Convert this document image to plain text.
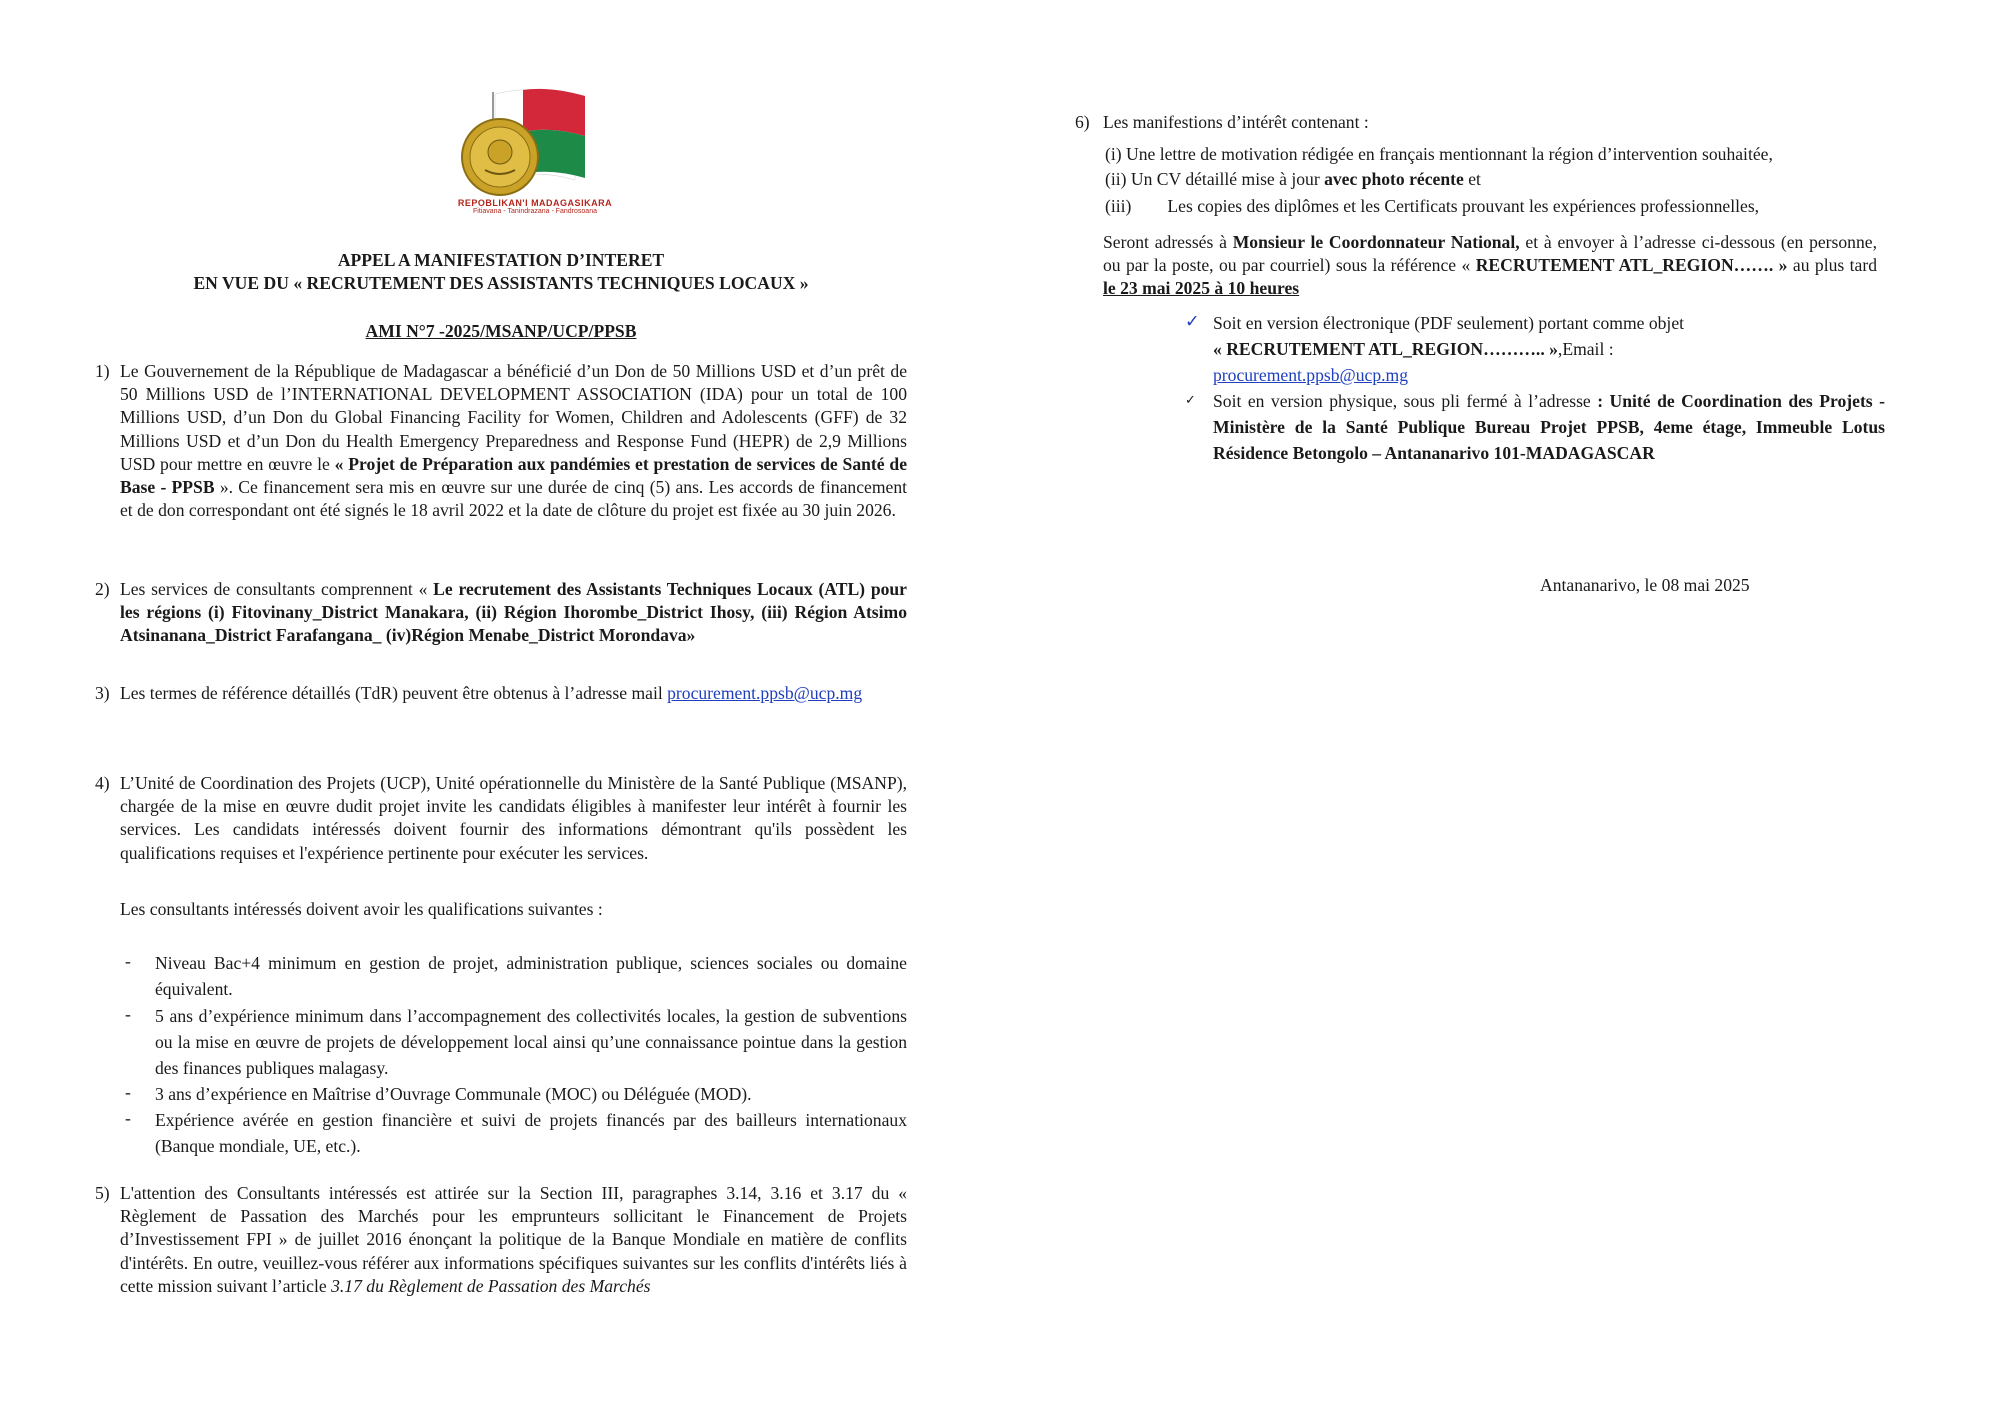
REPOBLIKAN'I MADAGASIKARA
Fitiavana - Tanindrazana - Fandrosoana
APPEL A MANIFESTATION D’INTERET
EN VUE DU « RECRUTEMENT DES ASSISTANTS TECHNIQUES LOCAUX »
AMI N°7 -2025/MSANP/UCP/PPSB
1) Le Gouvernement de la République de Madagascar a bénéficié d’un Don de 50 Millions USD et d’un prêt de 50 Millions USD de l’INTERNATIONAL DEVELOPMENT ASSOCIATION (IDA) pour un total de 100 Millions USD, d’un Don du Global Financing Facility for Women, Children and Adolescents (GFF) de 32 Millions USD et d’un Don du Health Emergency Preparedness and Response Fund (HEPR) de 2,9 Millions USD pour mettre en œuvre le « Projet de Préparation aux pandémies et prestation de services de Santé de Base - PPSB ». Ce financement sera mis en œuvre sur une durée de cinq (5) ans. Les accords de financement et de don correspondant ont été signés le 18 avril 2022 et la date de clôture du projet est fixée au 30 juin 2026.

2) Les services de consultants comprennent « Le recrutement des Assistants Techniques Locaux (ATL) pour les régions (i) Fitovinany_District Manakara, (ii) Région Ihorombe_District Ihosy, (iii) Région Atsimo Atsinanana_District Farafangana_ (iv)Région Menabe_District Morondava»

3) Les termes de référence détaillés (TdR) peuvent être obtenus à l’adresse mail procurement.ppsb@ucp.mg

4) L’Unité de Coordination des Projets (UCP), Unité opérationnelle du Ministère de la Santé Publique (MSANP), chargée de la mise en œuvre dudit projet invite les candidats éligibles à manifester leur intérêt à fournir les services. Les candidats intéressés doivent fournir des informations démontrant qu'ils possèdent les qualifications requises et l'expérience pertinente pour exécuter les services.

Les consultants intéressés doivent avoir les qualifications suivantes :
- Niveau Bac+4 minimum en gestion de projet, administration publique, sciences sociales ou domaine équivalent.

- 5 ans d’expérience minimum dans l’accompagnement des collectivités locales, la gestion de subventions ou la mise en œuvre de projets de développement local ainsi qu’une connaissance pointue dans la gestion des finances publiques malagasy.

- 3 ans d’expérience en Maîtrise d’Ouvrage Communale (MOC) ou Déléguée (MOD).

- Expérience avérée en gestion financière et suivi de projets financés par des bailleurs internationaux (Banque mondiale, UE, etc.).

5) L'attention des Consultants intéressés est attirée sur la Section III, paragraphes 3.14, 3.16 et 3.17 du « Règlement de Passation des Marchés pour les emprunteurs sollicitant le Financement de Projets d’Investissement FPI » de juillet 2016 énonçant la politique de la Banque Mondiale en matière de conflits d'intérêts. En outre, veuillez-vous référer aux informations spécifiques suivantes sur les conflits d'intérêts liés à cette mission suivant l’article 3.17 du Règlement de Passation des Marchés

6) Les manifestions d’intérêt contenant :
(i) Une lettre de motivation rédigée en français mentionnant la région d’intervention souhaitée,
(ii) Un CV détaillé mise à jour avec photo récente et
(iii) Les copies des diplômes et les Certificats prouvant les expériences professionnelles,

Seront adressés à Monsieur le Coordonnateur National, et à envoyer à l’adresse ci-dessous (en personne, ou par la poste, ou par courriel) sous la référence « RECRUTEMENT ATL_REGION……. » au plus tard le 23 mai 2025 à 10 heures

✓ Soit en version électronique (PDF seulement) portant comme objet
« RECRUTEMENT ATL_REGION……….. »,Email :
procurement.ppsb@ucp.mg
✓ Soit en version physique, sous pli fermé à l’adresse : Unité de Coordination des Projets - Ministère de la Santé Publique Bureau Projet PPSB, 4eme étage, Immeuble Lotus Résidence Betongolo – Antananarivo 101-MADAGASCAR

Antananarivo, le 08 mai 2025
